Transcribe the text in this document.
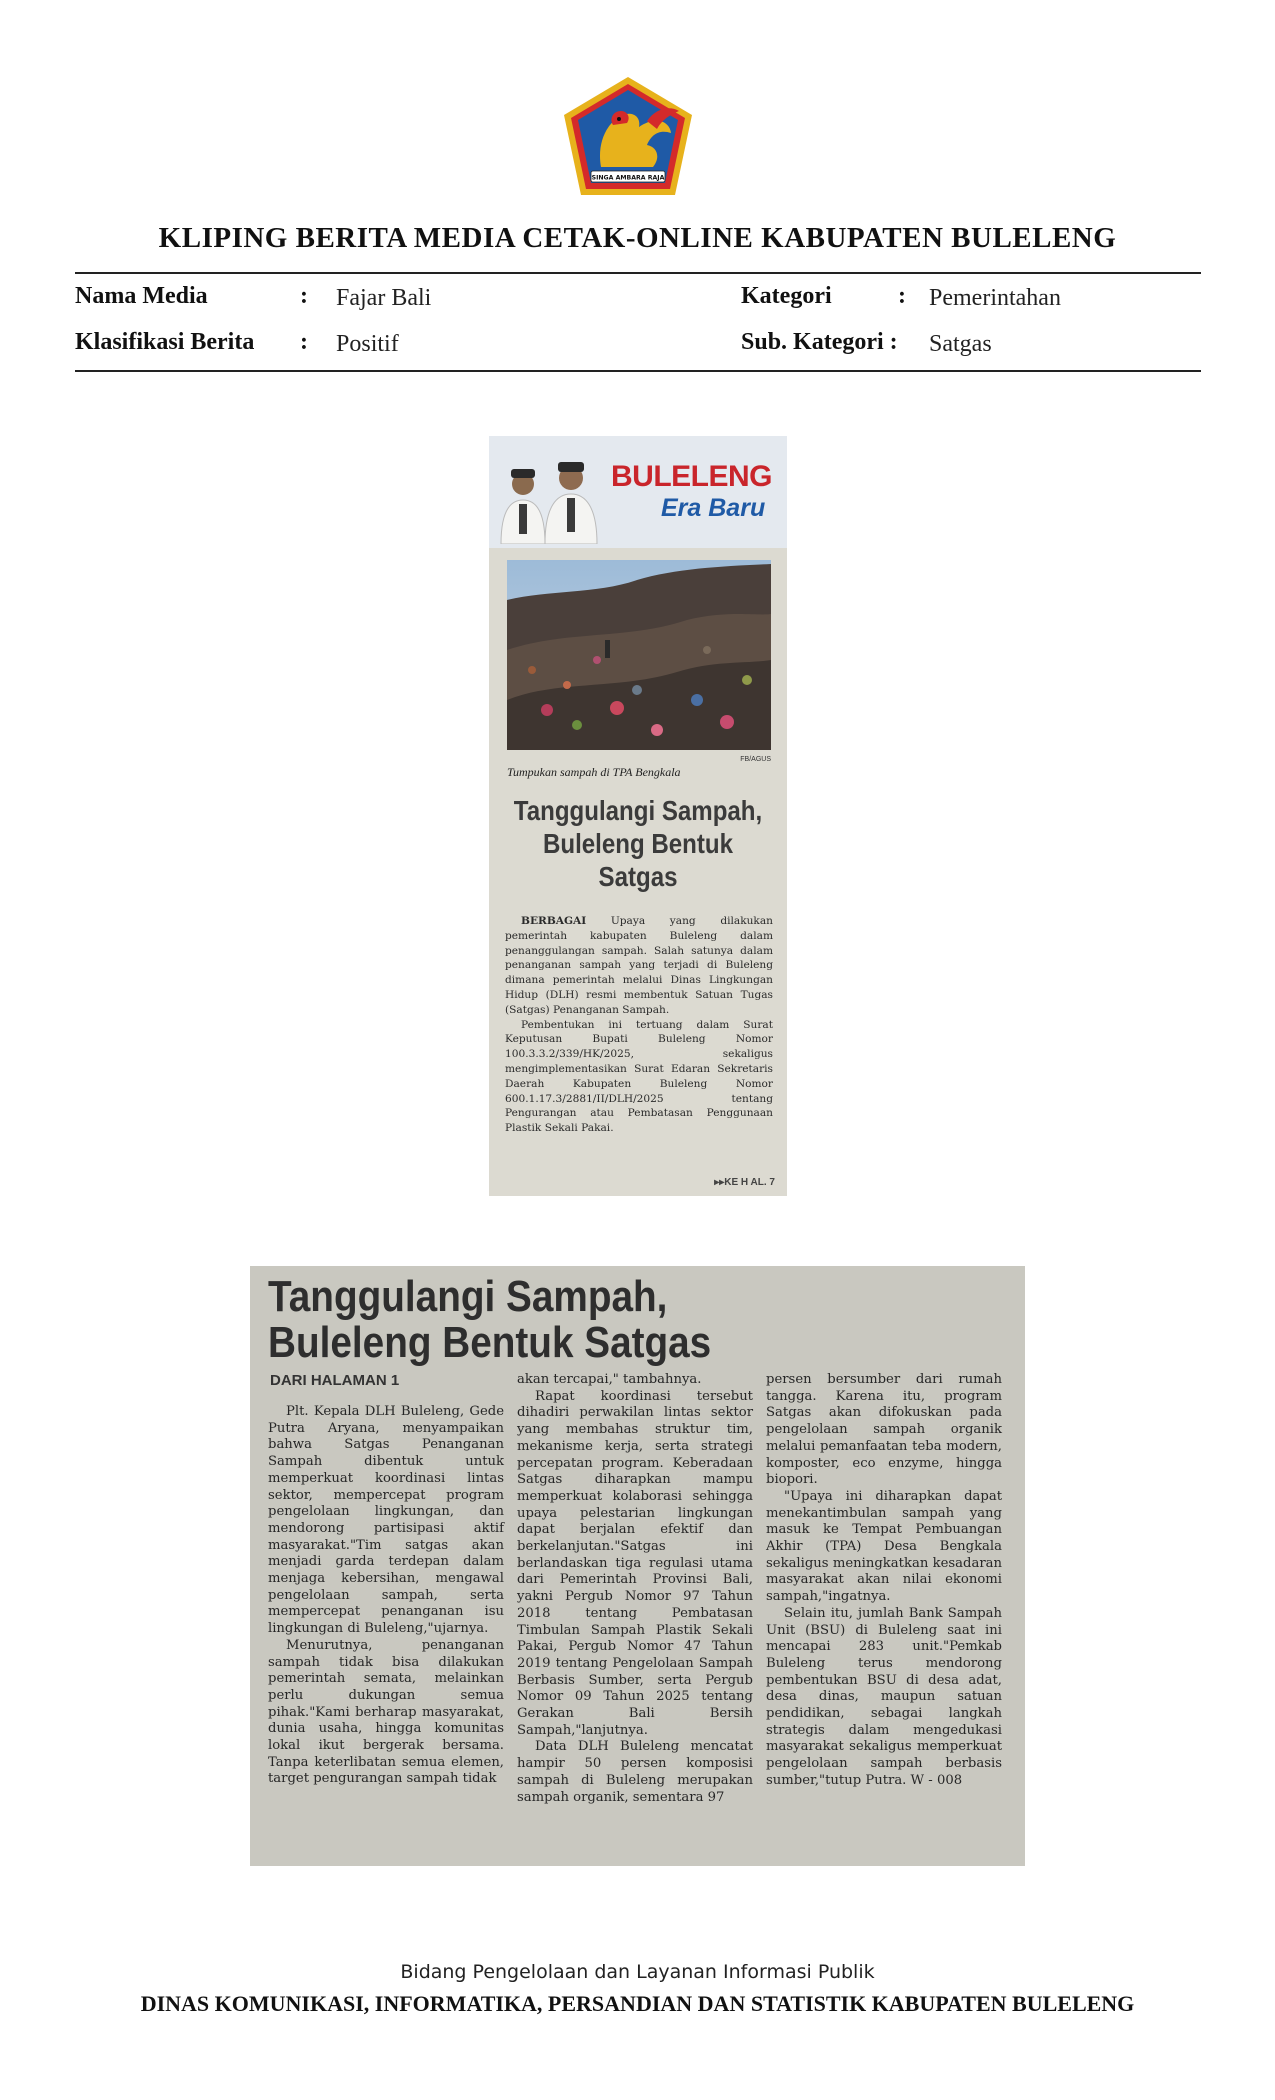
SINGA AMBARA RAJA
KLIPING BERITA MEDIA CETAK-ONLINE KABUPATEN BULELENG
Nama Media	: Fajar Bali	Kategori	: Pemerintahan
Klasifikasi Berita : Positif	Sub. Kategori : Satgas
BULELENG
Era Baru
FB/AGUS
Tumpukan sampah di TPA Bengkala
Tanggulangi Sampah, Buleleng Bentuk Satgas

BERBAGAI Upaya yang dilakukan pemerintah kabupaten Buleleng dalam penanggulangan sampah. Salah satunya dalam penanganan sampah yang terjadi di Buleleng dimana pemerintah melalui Dinas Lingkungan Hidup (DLH) resmi membentuk Satuan Tugas (Satgas) Penanganan Sampah.

Pembentukan ini tertuang dalam Surat Keputusan Bupati Buleleng Nomor 100.3.3.2/339/HK/2025, sekaligus mengimplementasikan Surat Edaran Sekretaris Daerah Kabupaten Buleleng Nomor 600.1.17.3/2881/II/DLH/2025 tentang Pengurangan atau Pembatasan Penggunaan Plastik Sekali Pakai.

▸▸KE H AL. 7
Tanggulangi Sampah,
Buleleng Bentuk Satgas
DARI HALAMAN 1

Plt. Kepala DLH Buleleng, Gede Putra Aryana, menyampaikan bahwa Satgas Penanganan Sampah dibentuk untuk memperkuat koordinasi lintas sektor, mempercepat program pengelolaan lingkungan, dan mendorong partisipasi aktif masyarakat."Tim satgas akan menjadi garda terdepan dalam menjaga kebersihan, mengawal pengelolaan sampah, serta mempercepat penanganan isu lingkungan di Buleleng,"ujarnya.

Menurutnya, penanganan sampah tidak bisa dilakukan pemerintah semata, melainkan perlu dukungan semua pihak."Kami berharap masyarakat, dunia usaha, hingga komunitas lokal ikut bergerak bersama. Tanpa keterlibatan semua elemen, target pengurangan sampah tidak

akan tercapai," tambahnya.

Rapat koordinasi tersebut dihadiri perwakilan lintas sektor yang membahas struktur tim, mekanisme kerja, serta strategi percepatan program. Keberadaan Satgas diharapkan mampu memperkuat kolaborasi sehingga upaya pelestarian lingkungan dapat berjalan efektif dan berkelanjutan."Satgas ini berlandaskan tiga regulasi utama dari Pemerintah Provinsi Bali, yakni Pergub Nomor 97 Tahun 2018 tentang Pembatasan Timbulan Sampah Plastik Sekali Pakai, Pergub Nomor 47 Tahun 2019 tentang Pengelolaan Sampah Berbasis Sumber, serta Pergub Nomor 09 Tahun 2025 tentang Gerakan Bali Bersih Sampah,"lanjutnya.

Data DLH Buleleng mencatat hampir 50 persen komposisi sampah di Buleleng merupakan sampah organik, sementara 97

persen bersumber dari rumah tangga. Karena itu, program Satgas akan difokuskan pada pengelolaan sampah organik melalui pemanfaatan teba modern, komposter, eco enzyme, hingga biopori.

"Upaya ini diharapkan dapat menekantimbulan sampah yang masuk ke Tempat Pembuangan Akhir (TPA) Desa Bengkala sekaligus meningkatkan kesadaran masyarakat akan nilai ekonomi sampah,"ingatnya.

Selain itu, jumlah Bank Sampah Unit (BSU) di Buleleng saat ini mencapai 283 unit."Pemkab Buleleng terus mendorong pembentukan BSU di desa adat, desa dinas, maupun satuan pendidikan, sebagai langkah strategis dalam mengedukasi masyarakat sekaligus memperkuat pengelolaan sampah berbasis sumber,"tutup Putra. W - 008

Bidang Pengelolaan dan Layanan Informasi Publik
DINAS KOMUNIKASI, INFORMATIKA, PERSANDIAN DAN STATISTIK KABUPATEN BULELENG
